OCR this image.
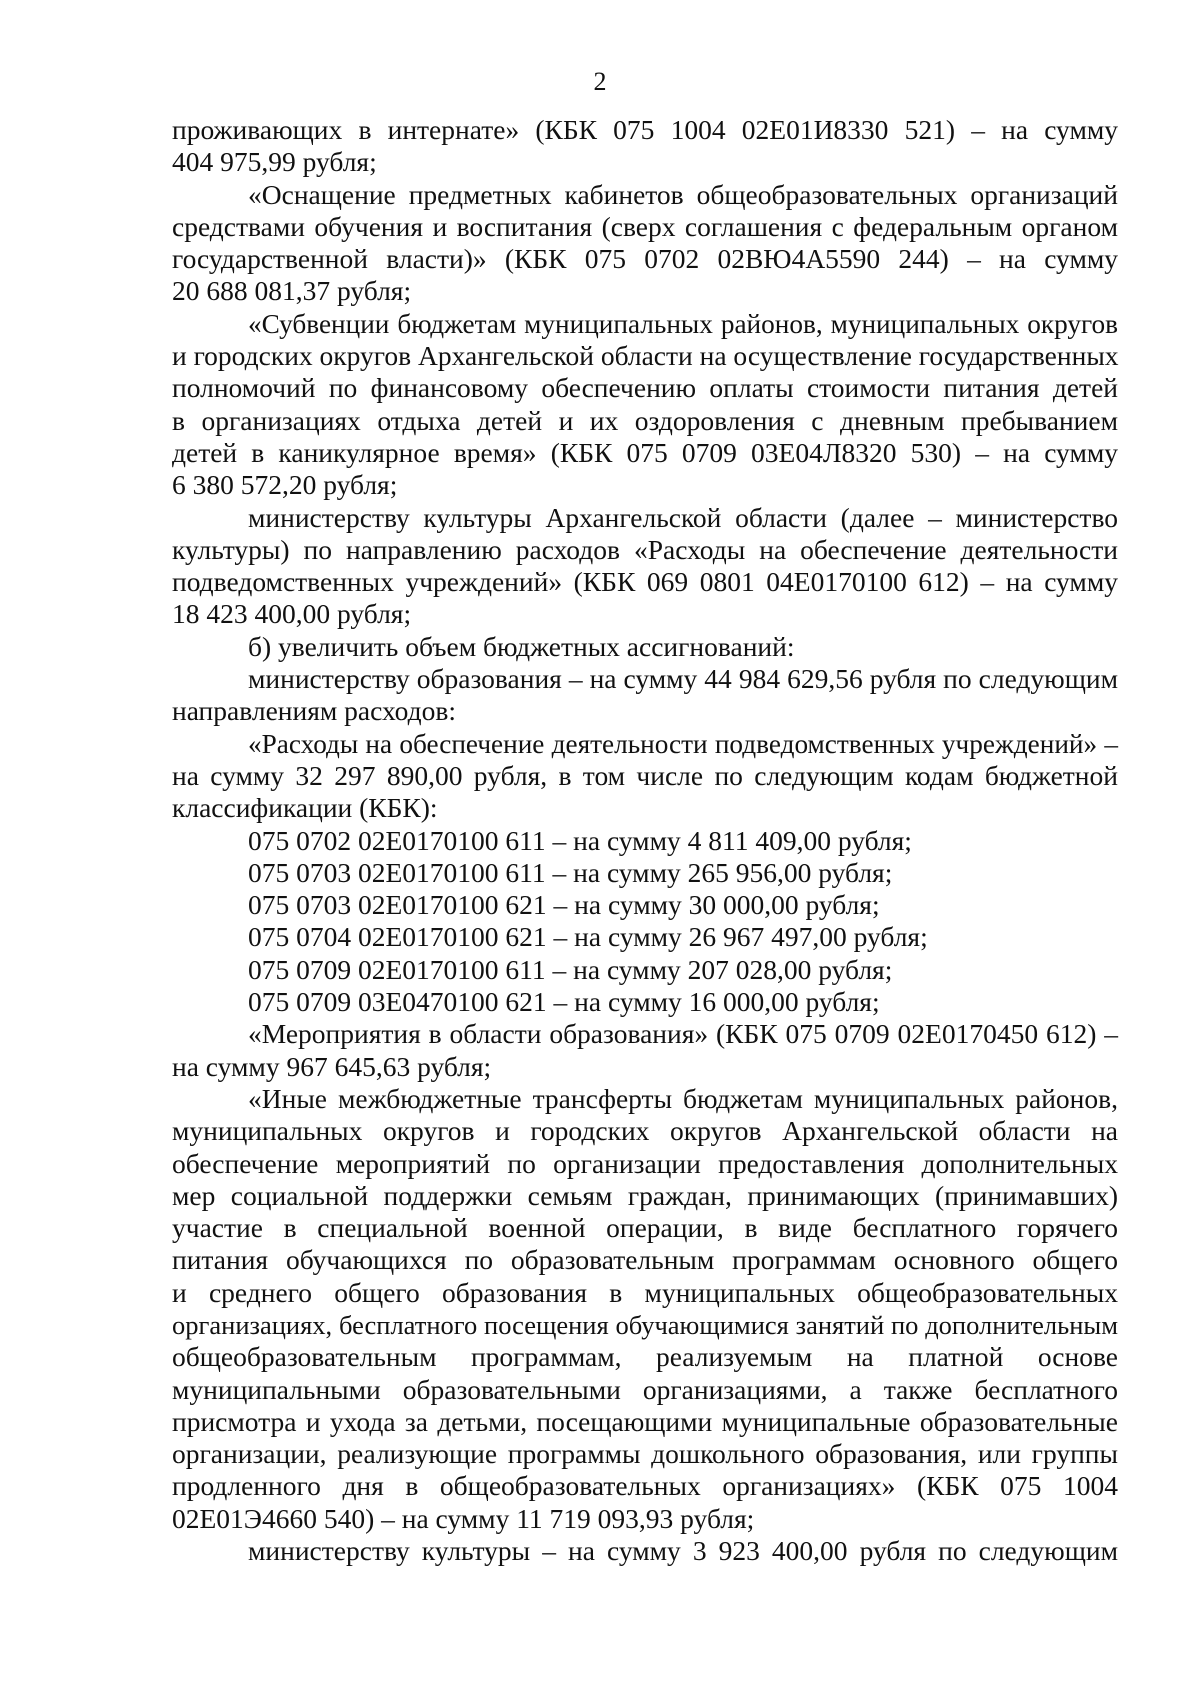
2
проживающих в интернате» (КБК 075 1004 02Е01И8330 521) – на сумму
404 975,99 рубля;
«Оснащение предметных кабинетов общеобразовательных организаций
средствами обучения и воспитания (сверх соглашения с федеральным органом
государственной власти)» (КБК 075 0702 02ВЮ4А5590 244) – на сумму
20 688 081,37 рубля;
«Субвенции бюджетам муниципальных районов, муниципальных округов
и городских округов Архангельской области на осуществление государственных
полномочий по финансовому обеспечению оплаты стоимости питания детей
в организациях отдыха детей и их оздоровления с дневным пребыванием
детей в каникулярное время» (КБК 075 0709 03Е04Л8320 530) – на сумму
6 380 572,20 рубля;
министерству культуры Архангельской области (далее – министерство
культуры) по направлению расходов «Расходы на обеспечение деятельности
подведомственных учреждений» (КБК 069 0801 04Е0170100 612) – на сумму
18 423 400,00 рубля;
б) увеличить объем бюджетных ассигнований:
министерству образования – на сумму 44 984 629,56 рубля по следующим
направлениям расходов:
«Расходы на обеспечение деятельности подведомственных учреждений» –
на сумму 32 297 890,00 рубля, в том числе по следующим кодам бюджетной
классификации (КБК):
075 0702 02Е0170100 611 – на сумму 4 811 409,00 рубля;
075 0703 02Е0170100 611 – на сумму 265 956,00 рубля;
075 0703 02Е0170100 621 – на сумму 30 000,00 рубля;
075 0704 02Е0170100 621 – на сумму 26 967 497,00 рубля;
075 0709 02Е0170100 611 – на сумму 207 028,00 рубля;
075 0709 03Е0470100 621 – на сумму 16 000,00 рубля;
«Мероприятия в области образования» (КБК 075 0709 02Е0170450 612) –
на сумму 967 645,63 рубля;
«Иные межбюджетные трансферты бюджетам муниципальных районов,
муниципальных округов и городских округов Архангельской области на
обеспечение мероприятий по организации предоставления дополнительных
мер социальной поддержки семьям граждан, принимающих (принимавших)
участие в специальной военной операции, в виде бесплатного горячего
питания обучающихся по образовательным программам основного общего
и среднего общего образования в муниципальных общеобразовательных
организациях, бесплатного посещения обучающимися занятий по дополнительным
общеобразовательным программам, реализуемым на платной основе
муниципальными образовательными организациями, а также бесплатного
присмотра и ухода за детьми, посещающими муниципальные образовательные
организации, реализующие программы дошкольного образования, или группы
продленного дня в общеобразовательных организациях» (КБК 075 1004
02Е01Э4660 540) – на сумму 11 719 093,93 рубля;
министерству культуры – на сумму 3 923 400,00 рубля по следующим
